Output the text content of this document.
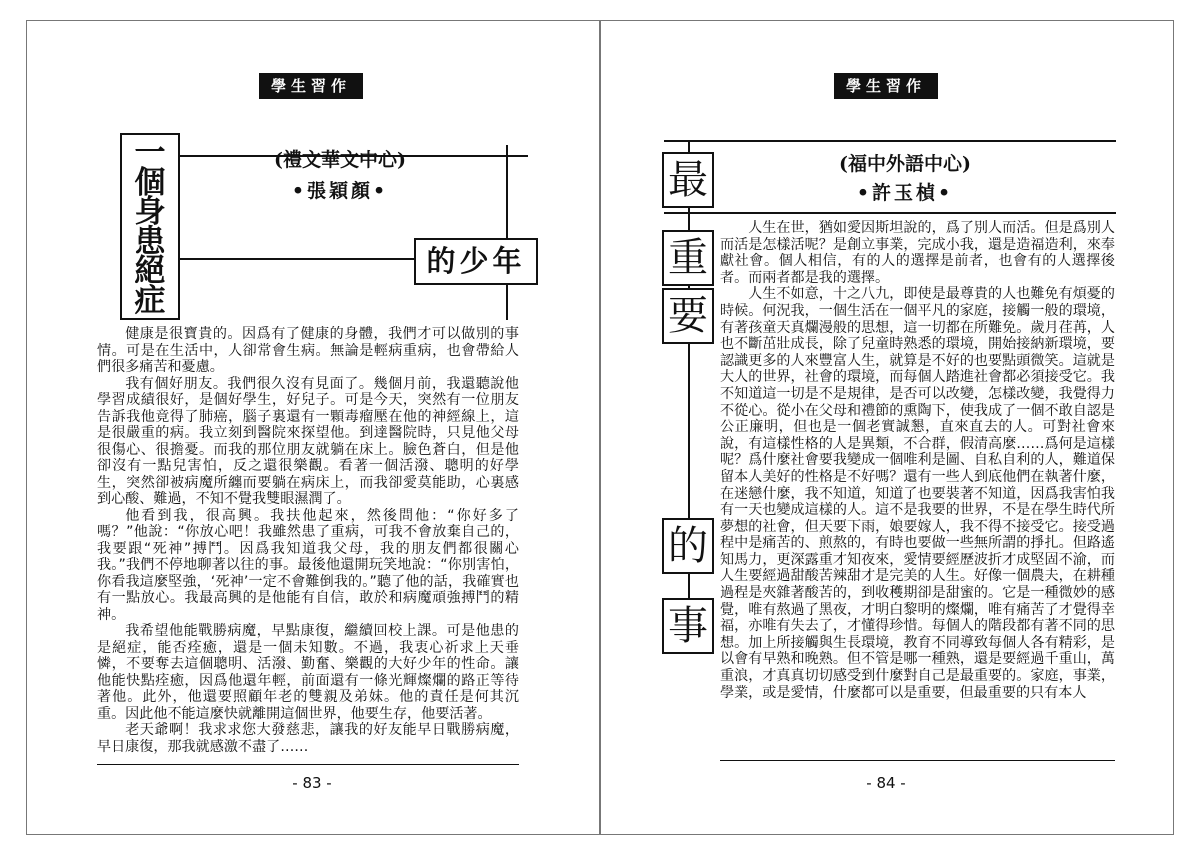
學生習作
一
個
身
患
絕
症
的少年
(禮文華文中心)
•張穎顏•

健康是很寶貴的。因爲有了健康的身體，我們才可以做別的事情。可是在生活中，人卻常會生病。無論是輕病重病，也會帶給人們很多痛苦和憂慮。

我有個好朋友。我們很久沒有見面了。幾個月前，我還聽說他學習成績很好，是個好學生，好兒子。可是今天，突然有一位朋友告訴我他竟得了肺癌，腦子裏還有一顆毒瘤壓在他的神經線上，這是很嚴重的病。我立刻到醫院來探望他。到達醫院時，只見他父母很傷心、很擔憂。而我的那位朋友就躺在床上。臉色蒼白，但是他卻沒有一點兒害怕，反之還很樂觀。看著一個活潑、聰明的好學生，突然卻被病魔所纏而要躺在病床上，而我卻愛莫能助，心裏感到心酸、難過，不知不覺我雙眼濕潤了。

他看到我，很高興。我扶他起來，然後問他：“你好多了嗎？”他說：“你放心吧！我雖然患了重病，可我不會放棄自己的，我要跟“死神”搏鬥。因爲我知道我父母，我的朋友們都很關心我。”我們不停地聊著以往的事。最後他還開玩笑地說：“你別害怕，你看我這麼堅強，‘死神’一定不會難倒我的。”聽了他的話，我確實也有一點放心。我最高興的是他能有自信，敢於和病魔頑強搏鬥的精神。

我希望他能戰勝病魔，早點康復，繼續回校上課。可是他患的是絕症，能否痊癒，還是一個未知數。不過，我衷心祈求上天垂憐，不要奪去這個聰明、活潑、勤奮、樂觀的大好少年的性命。讓他能快點痊癒，因爲他還年輕，前面還有一條光輝燦爛的路正等待著他。此外，他還要照顧年老的雙親及弟妹。他的責任是何其沉重。因此他不能這麼快就離開這個世界，他要生存，他要活著。

老天爺啊！我求求您大發慈悲，讓我的好友能早日戰勝病魔，早日康復，那我就感激不盡了……

- 83 -
學生習作
最
重
要
的
事
(福中外語中心)
•許玉楨•

人生在世，猶如愛因斯坦說的，爲了別人而活。但是爲別人而活是怎樣活呢？是創立事業，完成小我，還是造福造利，來奉獻社會。個人相信，有的人的選擇是前者，也會有的人選擇後者。而兩者都是我的選擇。

人生不如意，十之八九，即使是最尊貴的人也難免有煩憂的時候。何況我，一個生活在一個平凡的家庭，接觸一般的環境，有著孩童天真爛漫般的思想，這一切都在所難免。歲月荏苒，人也不斷茁壯成長，除了兒童時熟悉的環境，開始接納新環境，要認識更多的人來豐富人生，就算是不好的也要點頭微笑。這就是大人的世界，社會的環境，而每個人踏進社會都必須接受它。我不知道這一切是不是規律，是否可以改變，怎樣改變，我覺得力不從心。從小在父母和禮節的熏陶下，使我成了一個不敢自認是公正廉明，但也是一個老實誠懇，直來直去的人。可對社會來說，有這樣性格的人是異類，不合群，假清高麼……爲何是這樣呢？爲什麼社會要我變成一個唯利是圖、自私自利的人，難道保留本人美好的性格是不好嗎？還有一些人到底他們在執著什麼，在迷戀什麼，我不知道，知道了也要裝著不知道，因爲我害怕我有一天也變成這樣的人。這不是我要的世界，不是在學生時代所夢想的社會，但天要下雨，娘要嫁人，我不得不接受它。接受過程中是痛苦的、煎熬的，有時也要做一些無所謂的掙扎。但路遙知馬力，更深露重才知夜來，愛情要經歷波折才成堅固不渝，而人生要經過甜酸苦辣甜才是完美的人生。好像一個農夫，在耕種過程是夾雜著酸苦的，到收穫期卻是甜蜜的。它是一種微妙的感覺，唯有熬過了黑夜，才明白黎明的燦爛，唯有痛苦了才覺得幸福，亦唯有失去了，才懂得珍惜。每個人的階段都有著不同的思想。加上所接觸與生長環境，教育不同導致每個人各有精彩，是以會有早熟和晚熟。但不管是哪一種熟，還是要經過千重山，萬重浪，才真真切切感受到什麼對自己是最重要的。家庭，事業，學業，或是愛情，什麼都可以是重要，但最重要的只有本人

- 84 -
